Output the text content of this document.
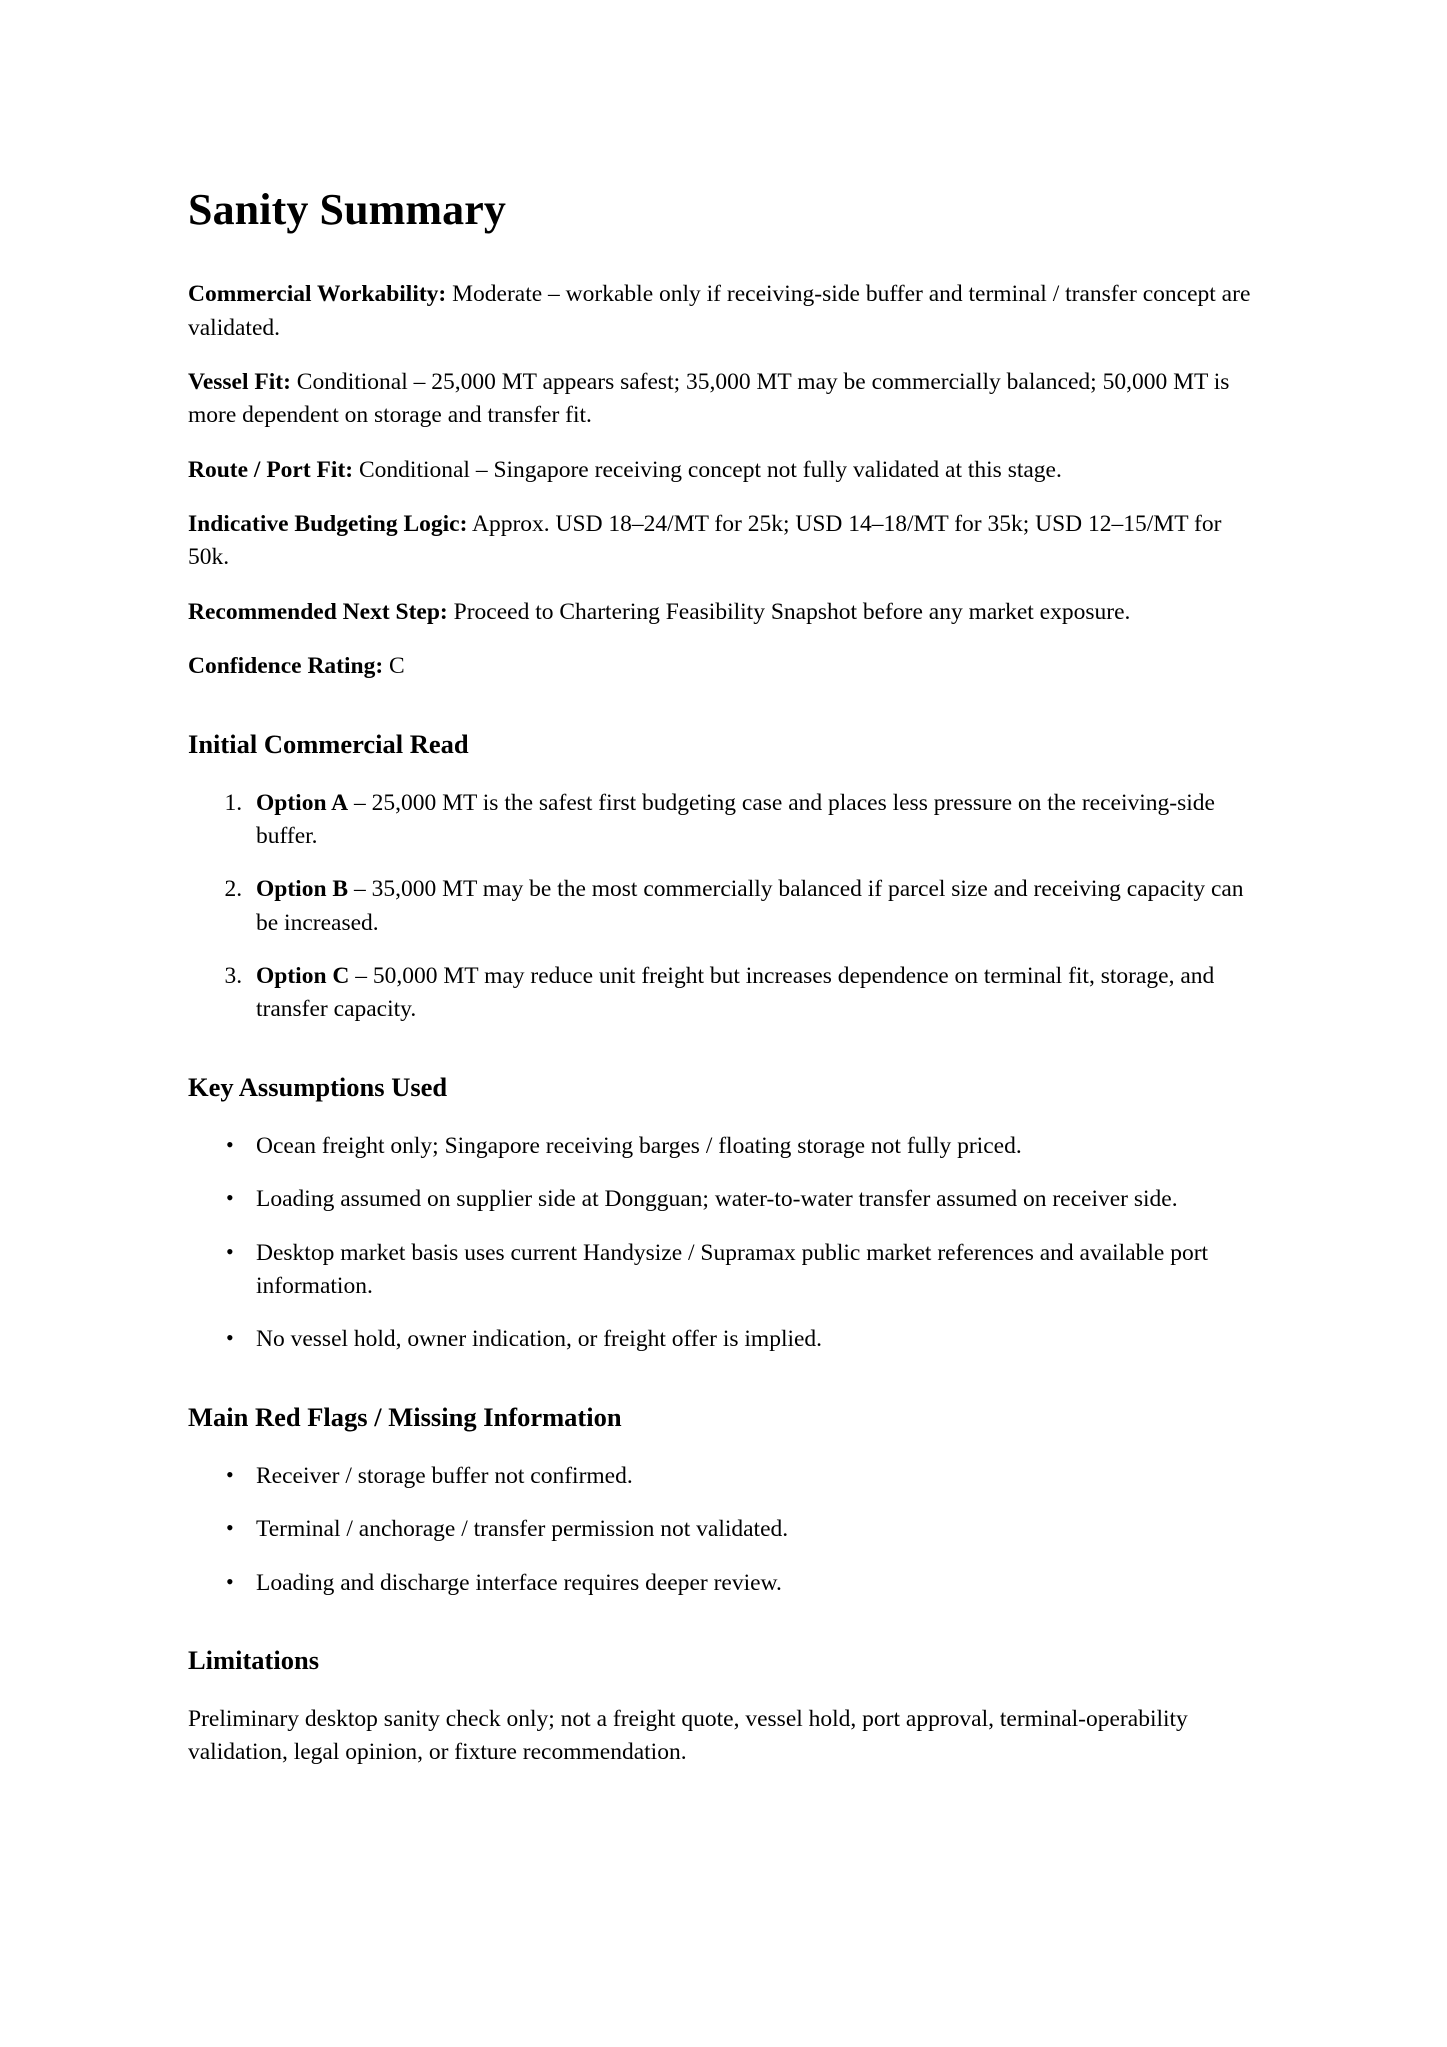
Sanity Summary

Commercial Workability: Moderate – workable only if receiving-side buffer and terminal / transfer concept are validated.

Vessel Fit: Conditional – 25,000 MT appears safest; 35,000 MT may be commercially balanced; 50,000 MT is more dependent on storage and transfer fit.

Route / Port Fit: Conditional – Singapore receiving concept not fully validated at this stage.

Indicative Budgeting Logic: Approx. USD 18–24/MT for 25k; USD 14–18/MT for 35k; USD 12–15/MT for 50k.

Recommended Next Step: Proceed to Chartering Feasibility Snapshot before any market exposure.

Confidence Rating: C

Initial Commercial Read
1. Option A – 25,000 MT is the safest first budgeting case and places less pressure on the receiving-side buffer.
2. Option B – 35,000 MT may be the most commercially balanced if parcel size and receiving capacity can be increased.
3. Option C – 50,000 MT may reduce unit freight but increases dependence on terminal fit, storage, and transfer capacity.
Key Assumptions Used
• Ocean freight only; Singapore receiving barges / floating storage not fully priced.
• Loading assumed on supplier side at Dongguan; water-to-water transfer assumed on receiver side.
• Desktop market basis uses current Handysize / Supramax public market references and available port information.
• No vessel hold, owner indication, or freight offer is implied.
Main Red Flags / Missing Information
• Receiver / storage buffer not confirmed.
• Terminal / anchorage / transfer permission not validated.
• Loading and discharge interface requires deeper review.
Limitations

Preliminary desktop sanity check only; not a freight quote, vessel hold, port approval, terminal-operability validation, legal opinion, or fixture recommendation.
